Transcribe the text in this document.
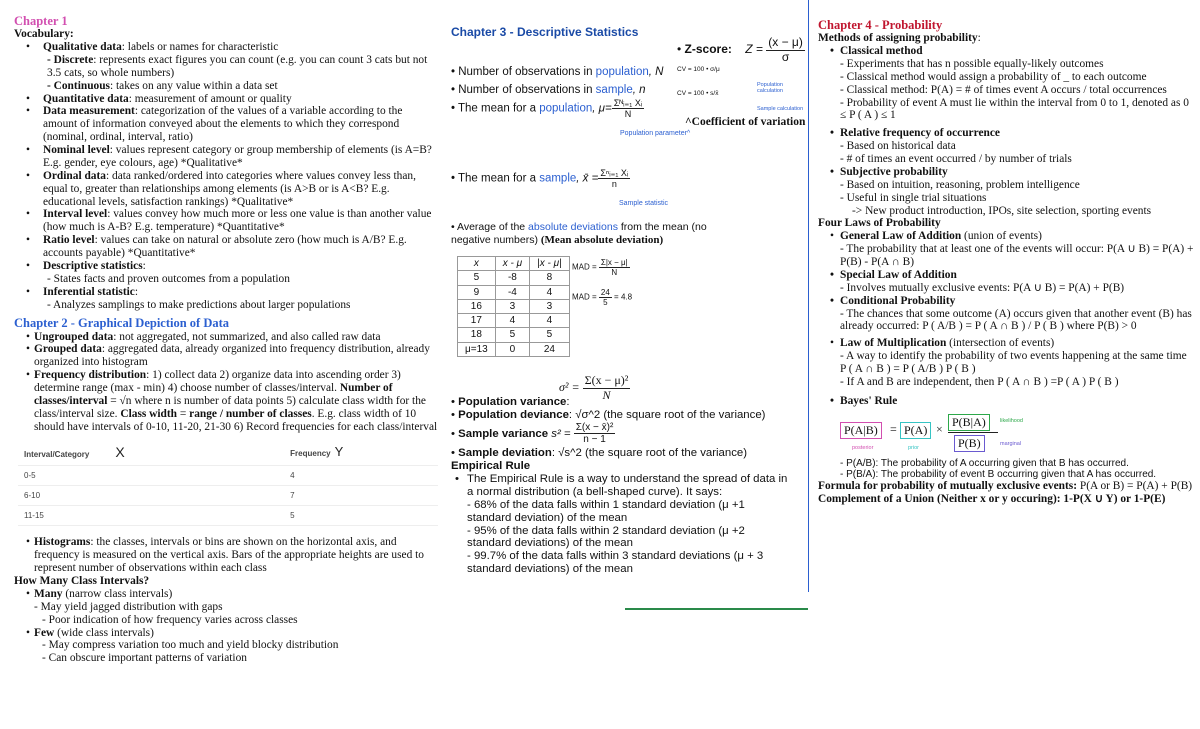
Chapter 1
Vocabulary:
• Qualitative data: labels or names for characteristic
- Discrete: represents exact figures you can count (e.g. you can count 3 cats but not 3.5 cats, so whole numbers)
- Continuous: takes on any value within a data set
• Quantitative data: measurement of amount or quality
• Data measurement: categorization of the values of a variable according to the amount of information conveyed about the elements to which they correspond (nominal, ordinal, interval, ratio)
• Nominal level: values represent category or group membership of elements (is A=B? E.g. gender, eye colours, age) *Qualitative*
• Ordinal data: data ranked/ordered into categories where values convey less than, equal to, greater than relationships among elements (is A>B or is A<B? E.g. educational levels, satisfaction rankings) *Qualitative*
• Interval level: values convey how much more or less one value is than another value (how much is A-B? E.g. temperature) *Quantitative*
• Ratio level: values can take on natural or absolute zero (how much is A/B? E.g. accounts payable) *Quantitative*
• Descriptive statistics:
- States facts and proven outcomes from a population
• Inferential statistic:
- Analyzes samplings to make predictions about larger populations
Chapter 2 - Graphical Depiction of Data
• Ungrouped data: not aggregated, not summarized, and also called raw data
• Grouped data: aggregated data, already organized into frequency distribution, already organized into histogram
• Frequency distribution: 1) collect data 2) organize data into ascending order 3) determine range (max - min) 4) choose number of classes/interval. Number of classes/interval = √n where n is number of data points 5) calculate class width for the class/interval size. Class width = range / number of classes. E.g. class width of 10 should have intervals of 0-10, 11-20, 21-30 6) Record frequencies for each class/interval
Interval/Category X	Frequency Y
0-5	4
6-10	7
11-15	5
• Histograms: the classes, intervals or bins are shown on the horizontal axis, and frequency is measured on the vertical axis. Bars of the appropriate heights are used to represent number of observations within each class
How Many Class Intervals?
• Many (narrow class intervals)
- May yield jagged distribution with gaps
- Poor indication of how frequency varies across classes
• Few (wide class intervals)
- May compress variation too much and yield blocky distribution
- Can obscure important patterns of variation
Chapter 3 - Descriptive Statistics
• Z-score: $Z = \frac{(x - \mu)}{\sigma}$
CV = 100 • σ/μ
CV = 100 • s/x̄
Population calculation
Sample calculation
^Coefficient of variation
• Number of observations in population, N
• Number of observations in sample, n
• The mean for a population, $\mu= \frac{\text{Σᴺᵢ₌₁ Xᵢ}}{N}$
Population parameter^
• The mean for a sample, x̄ = $\frac{\text{Σⁿᵢ₌₁ Xᵢ}}{n}$
Sample statistic
• Average of the absolute deviations from the mean (no negative numbers) (Mean absolute deviation)
x	x - μ	|x - μ|
5	-8	8
9	-4	4
16	3	3
17	4	4
18	5	5
μ=13	0	24
MAD = $\frac{\Sigma|x - \mu|}{N}$
MAD = $\frac{24}{5} = 4.8$
$\sigma^2 = \frac{\text{Σ(x − μ)²}}{N}$
• Population variance:
• Population deviance: √σ^2 (the square root of the variance)
• Sample variance $s^2 = \frac{\text{Σ(x − x̄)²}}{n - 1}$
• Sample deviation: √s^2 (the square root of the variance)
Empirical Rule
• The Empirical Rule is a way to understand the spread of data in a normal distribution (a bell-shaped curve). It says:
- 68% of the data falls within 1 standard deviation (μ +1 standard deviation) of the mean
- 95% of the data falls within 2 standard deviation (μ +2 standard deviations) of the mean
- 99.7% of the data falls within 3 standard deviations (μ + 3 standard deviations) of the mean
Chapter 4 - Probability
Methods of assigning probability:
• Classical method
- Experiments that has n possible equally-likely outcomes
- Classical method would assign a probability of _ to each outcome
- Classical method: P(A) = # of times event A occurs / total occurrences
- Probability of event A must lie within the interval from 0 to 1, denoted as 0 ≤ P ( A ) ≤ 1
• Relative frequency of occurrence
- Based on historical data
- # of times an event occurred / by number of trials
• Subjective probability
- Based on intuition, reasoning, problem intelligence
- Useful in single trial situations
-> New product introduction, IPOs, site selection, sporting events
Four Laws of Probability
• General Law of Addition (union of events)
- The probability that at least one of the events will occur: P(A ∪ B) = P(A) + P(B) - P(A ∩ B)
• Special Law of Addition
- Involves mutually exclusive events: P(A ∪ B) = P(A) + P(B)
• Conditional Probability
- The chances that some outcome (A) occurs given that another event (B) has already occurred: P ( A/B ) = P ( A ∩ B ) / P ( B ) where P(B) > 0
• Law of Multiplication (intersection of events)
- A way to identify the probability of two events happening at the same time P ( A ∩ B ) = P ( A/B ) P ( B )
- If A and B are independent, then P ( A ∩ B ) =P ( A ) P ( B )
• Bayes' Rule
P(A|B)	= P(A) × P(B|A)
P(B)
posterior	prior
likelihood
marginal
- P(A/B): The probability of A occurring given that B has occurred.
- P(B/A): The probability of event B occurring given that A has occurred.
Formula for probability of mutually exclusive events: P(A or B) = P(A) + P(B)
Complement of a Union (Neither x or y occuring): 1-P(X ∪ Y) or 1-P(E)
